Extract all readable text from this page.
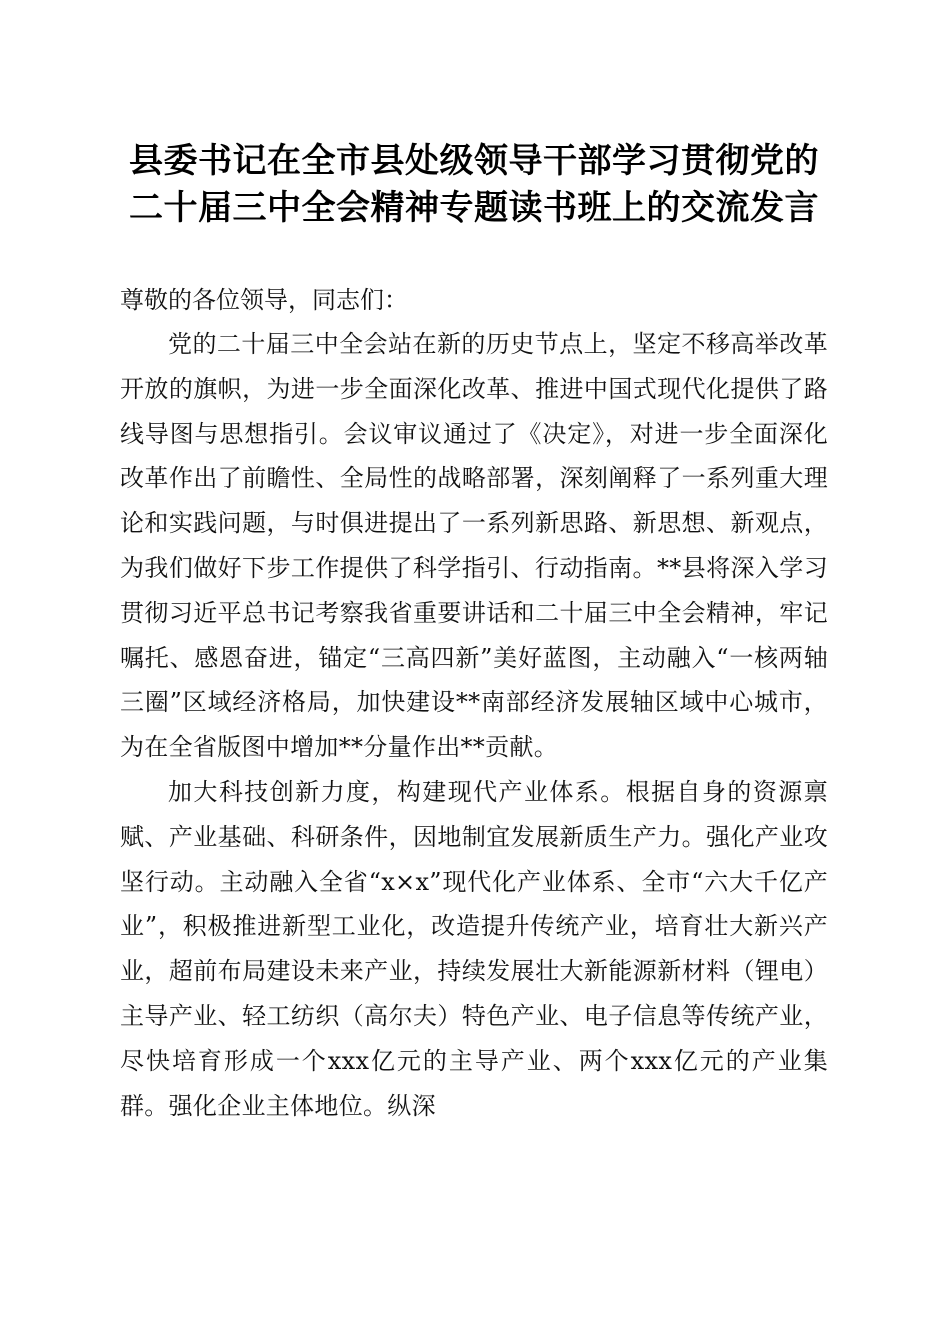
县委书记在全市县处级领导干部学习贯彻党的
二十届三中全会精神专题读书班上的交流发言

尊敬的各位领导，同志们：

党的二十届三中全会站在新的历史节点上，坚定不移高举改革开放的旗帜，为进一步全面深化改革、推进中国式现代化提供了路线导图与思想指引。会议审议通过了《决定》，对进一步全面深化改革作出了前瞻性、全局性的战略部署，深刻阐释了一系列重大理论和实践问题，与时俱进提出了一系列新思路、新思想、新观点，为我们做好下步工作提供了科学指引、行动指南。**县将深入学习贯彻习近平总书记考察我省重要讲话和二十届三中全会精神，牢记嘱托、感恩奋进，锚定“三高四新”美好蓝图，主动融入“一核两轴三圈”区域经济格局，加快建设**南部经济发展轴区域中心城市，为在全省版图中增加**分量作出**贡献。

加大科技创新力度，构建现代产业体系。根据自身的资源禀赋、产业基础、科研条件，因地制宜发展新质生产力。强化产业攻坚行动。主动融入全省“x×x”现代化产业体系、全市“六大千亿产业”，积极推进新型工业化，改造提升传统产业，培育壮大新兴产业，超前布局建设未来产业，持续发展壮大新能源新材料（锂电）主导产业、轻工纺织（高尔夫）特色产业、电子信息等传统产业，尽快培育形成一个xxx亿元的主导产业、两个xxx亿元的产业集群。强化企业主体地位。纵深
